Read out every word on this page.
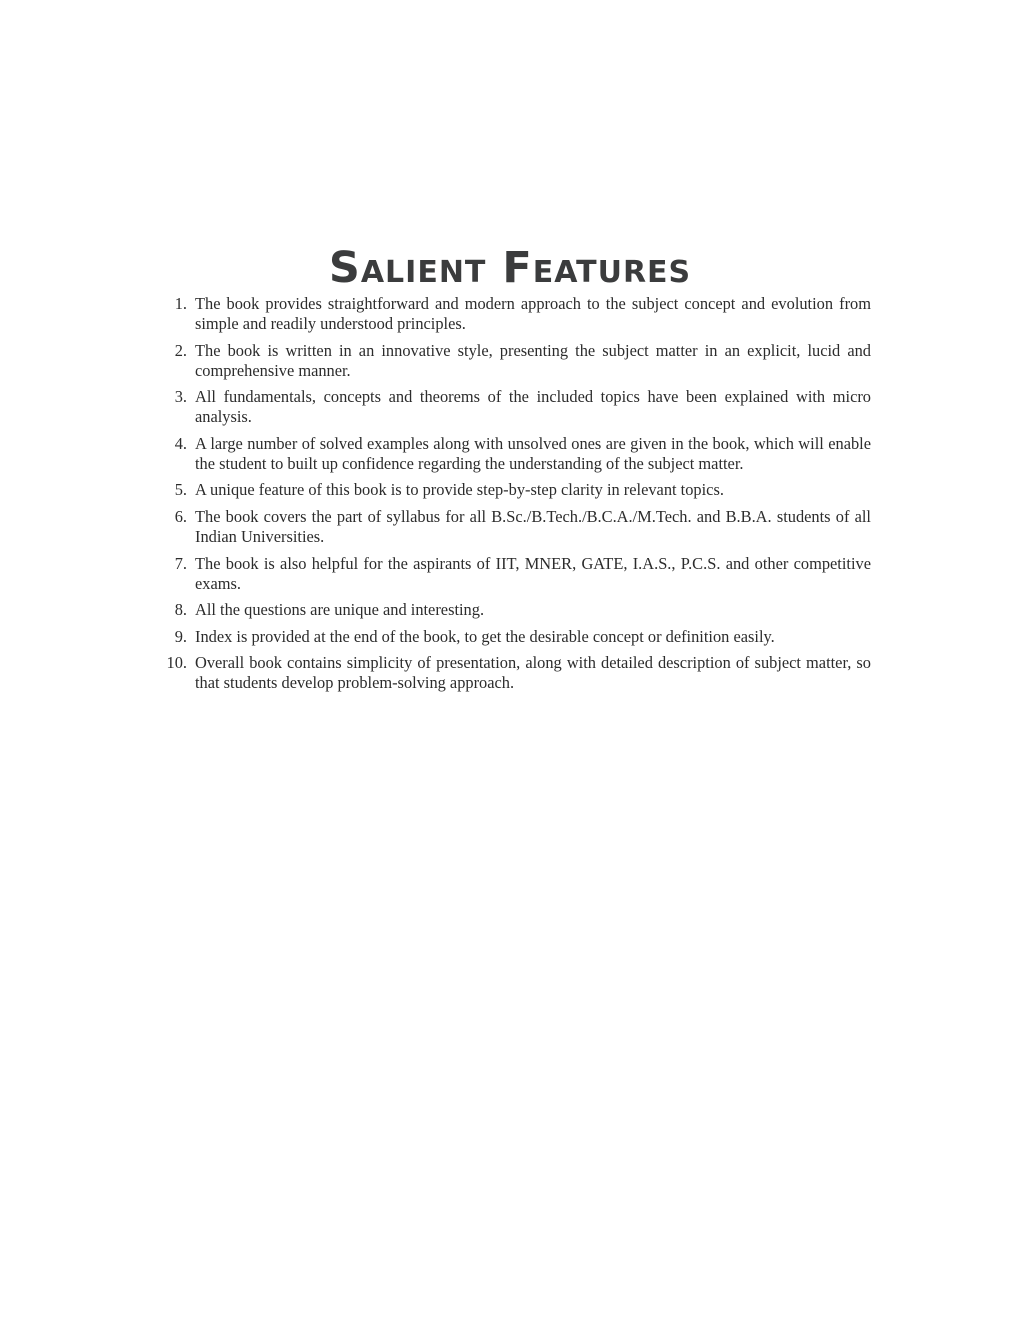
Salient Features
1. The book provides straightforward and modern approach to the subject concept and evolution from simple and readily understood principles.
2. The book is written in an innovative style, presenting the subject matter in an explicit, lucid and comprehensive manner.
3. All fundamentals, concepts and theorems of the included topics have been explained with micro analysis.
4. A large number of solved examples along with unsolved ones are given in the book, which will enable the student to built up confidence regarding the understanding of the subject matter.
5. A unique feature of this book is to provide step-by-step clarity in relevant topics.
6. The book covers the part of syllabus for all B.Sc./B.Tech./B.C.A./M.Tech. and B.B.A. students of all Indian Universities.
7. The book is also helpful for the aspirants of IIT, MNER, GATE, I.A.S., P.C.S. and other competitive exams.
8. All the questions are unique and interesting.
9. Index is provided at the end of the book, to get the desirable concept or definition easily.
10. Overall book contains simplicity of presentation, along with detailed description of subject matter, so that students develop problem-solving approach.
